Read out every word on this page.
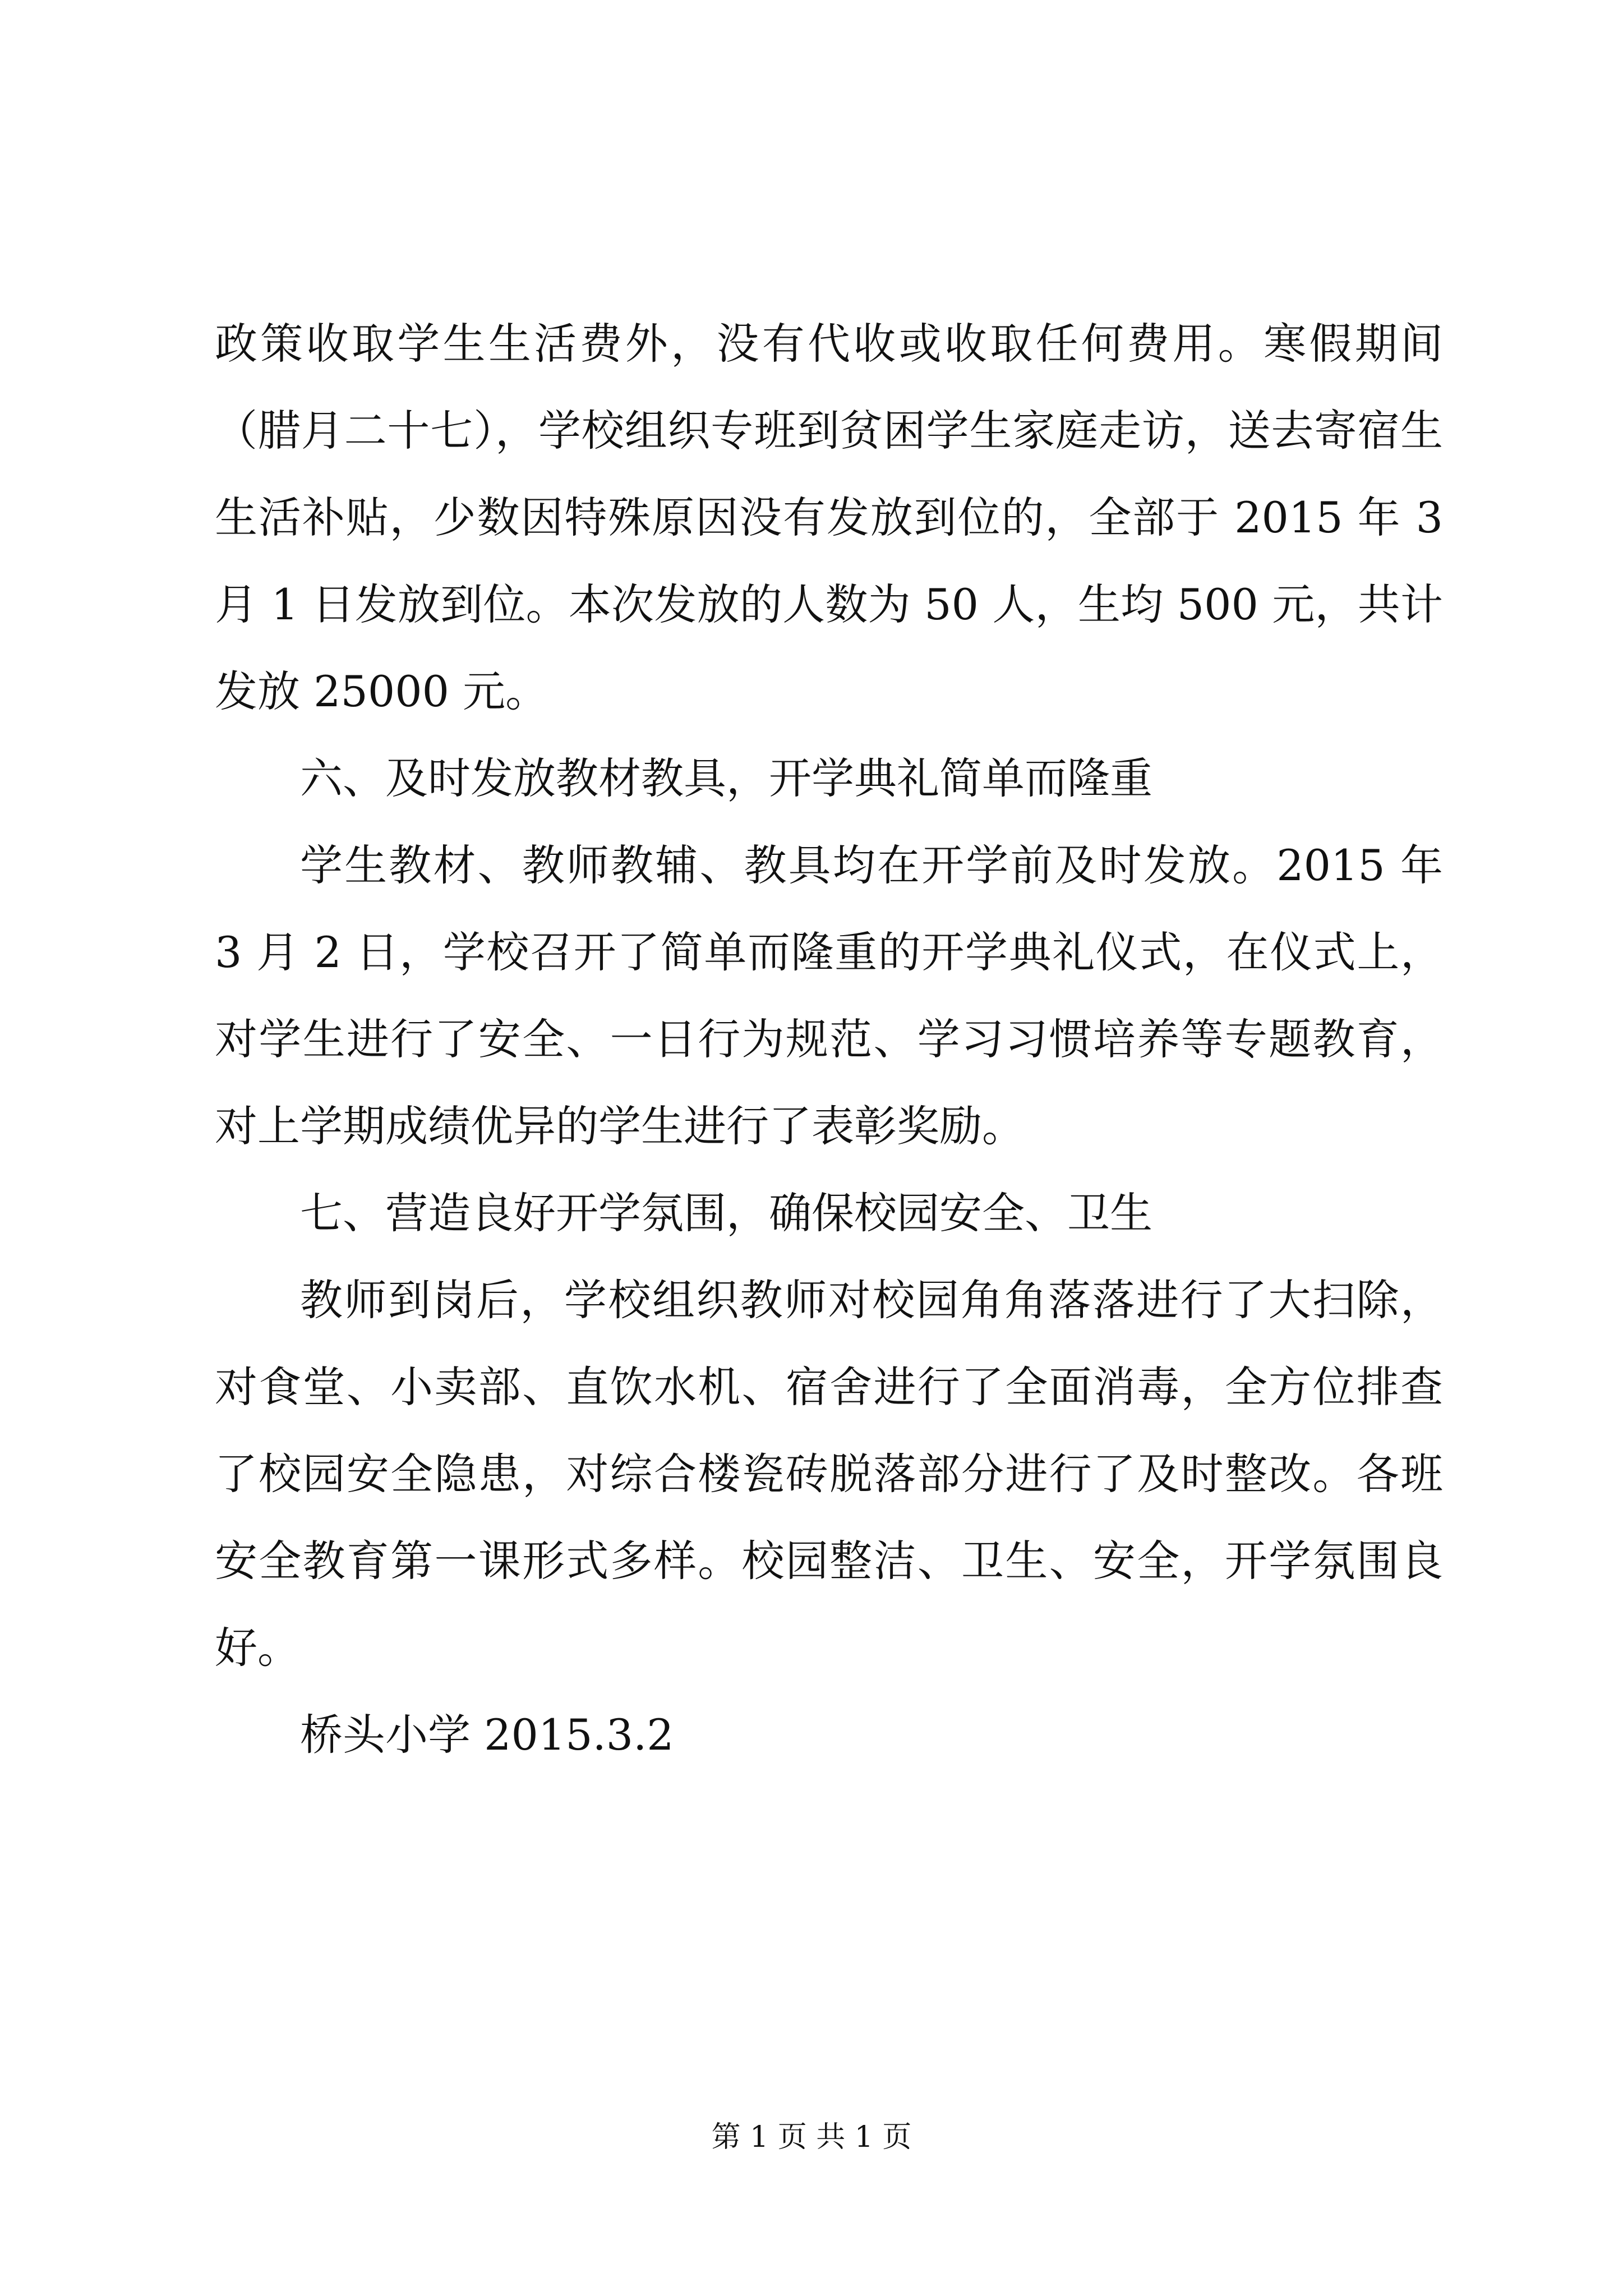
政策收取学生生活费外，没有代收或收取任何费用。寒假期间（腊月二十七），学校组织专班到贫困学生家庭走访，送去寄宿生生活补贴，少数因特殊原因没有发放到位的，全部于 2015 年 3 月 1 日发放到位。本次发放的人数为 50 人，生均 500 元，共计发放 25000 元。

六、及时发放教材教具，开学典礼简单而隆重

学生教材、教师教辅、教具均在开学前及时发放。2015 年 3 月 2 日，学校召开了简单而隆重的开学典礼仪式，在仪式上，对学生进行了安全、一日行为规范、学习习惯培养等专题教育，对上学期成绩优异的学生进行了表彰奖励。

七、营造良好开学氛围，确保校园安全、卫生

教师到岗后，学校组织教师对校园角角落落进行了大扫除，对食堂、小卖部、直饮水机、宿舍进行了全面消毒，全方位排查了校园安全隐患，对综合楼瓷砖脱落部分进行了及时整改。各班安全教育第一课形式多样。校园整洁、卫生、安全，开学氛围良好。

桥头小学 2015.3.2

第 1 页 共 1 页
